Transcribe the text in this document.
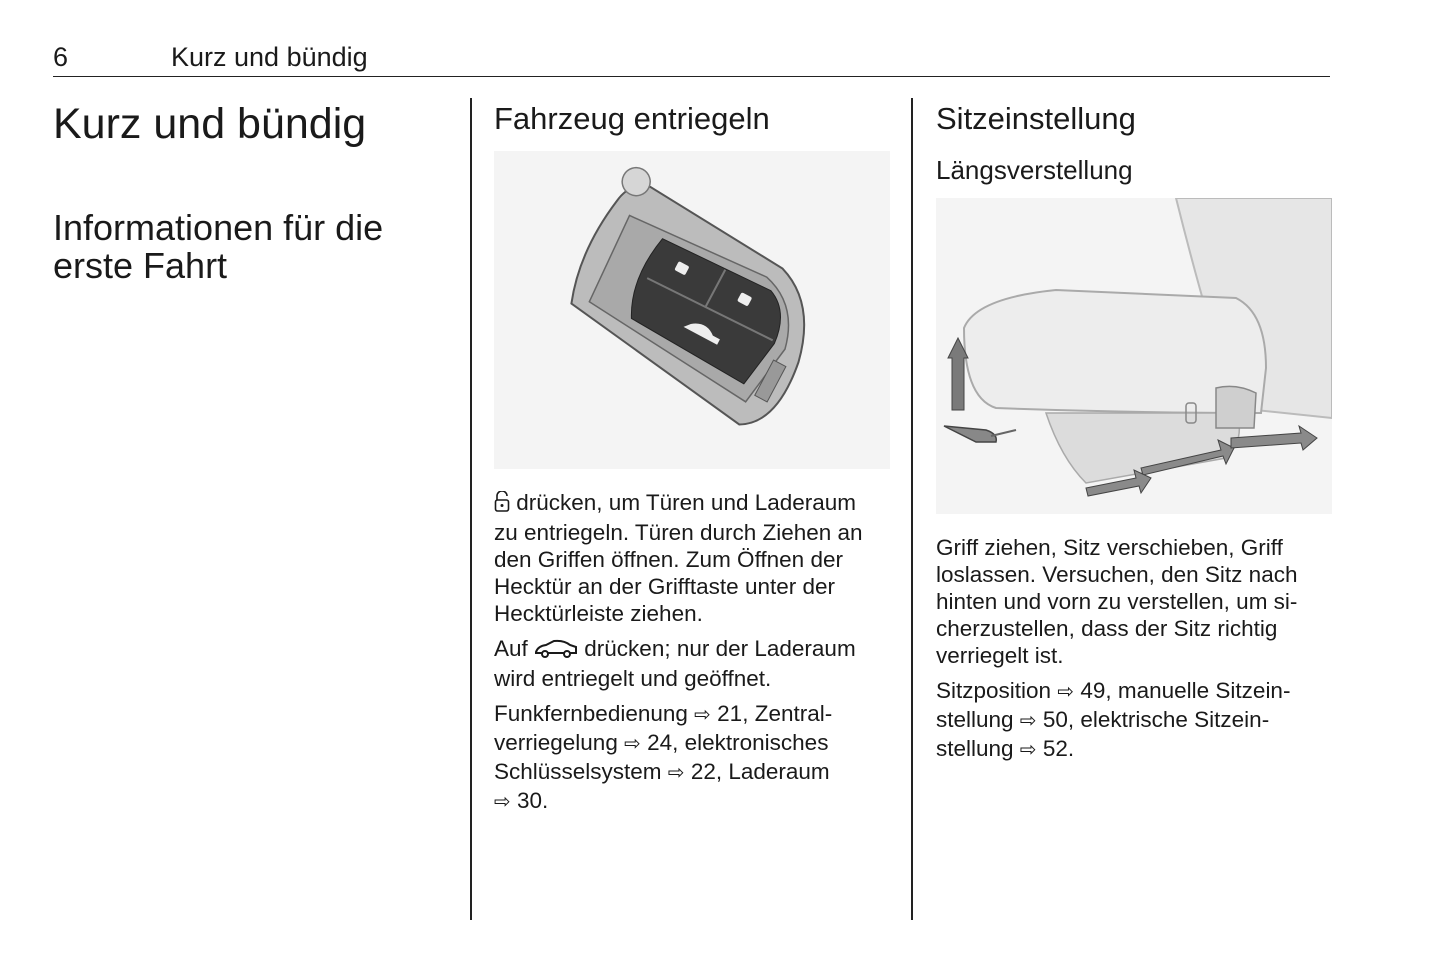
6	Kurz und bündig
Kurz und bündig
Informationen für die
erste Fahrt
Fahrzeug entriegeln

drücken, um Türen und Laderaum
zu entriegeln. Türen durch Ziehen an
den Griffen öffnen. Zum Öffnen der
Hecktür an der Grifftaste unter der
Hecktürleiste ziehen.

Auf  drücken; nur der Laderaum
wird entriegelt und geöffnet.

Funkfernbedienung ⇨ 21, Zentral-
verriegelung ⇨ 24, elektronisches
Schlüsselsystem ⇨ 22, Laderaum
⇨ 30.

Sitzeinstellung
Längsverstellung

Griff ziehen, Sitz verschieben, Griff
loslassen. Versuchen, den Sitz nach
hinten und vorn zu verstellen, um si-
cherzustellen, dass der Sitz richtig
verriegelt ist.

Sitzposition ⇨ 49, manuelle Sitzein-
stellung ⇨ 50, elektrische Sitzein-
stellung ⇨ 52.
